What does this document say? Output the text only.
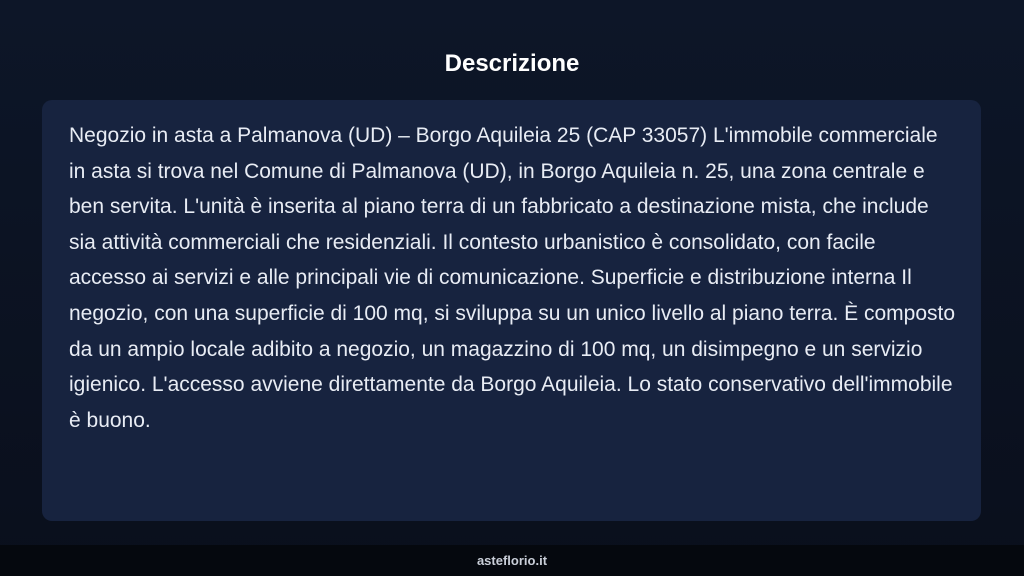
Descrizione

Negozio in asta a Palmanova (UD) – Borgo Aquileia 25 (CAP 33057) L'immobile commerciale in asta si trova nel Comune di Palmanova (UD), in Borgo Aquileia n. 25, una zona centrale e ben servita. L'unità è inserita al piano terra di un fabbricato a destinazione mista, che include sia attività commerciali che residenziali. Il contesto urbanistico è consolidato, con facile accesso ai servizi e alle principali vie di comunicazione. Superficie e distribuzione interna Il negozio, con una superficie di 100 mq, si sviluppa su un unico livello al piano terra. È composto da un ampio locale adibito a negozio, un magazzino di 100 mq, un disimpegno e un servizio igienico. L'accesso avviene direttamente da Borgo Aquileia. Lo stato conservativo dell'immobile è buono.

asteflorio.it
